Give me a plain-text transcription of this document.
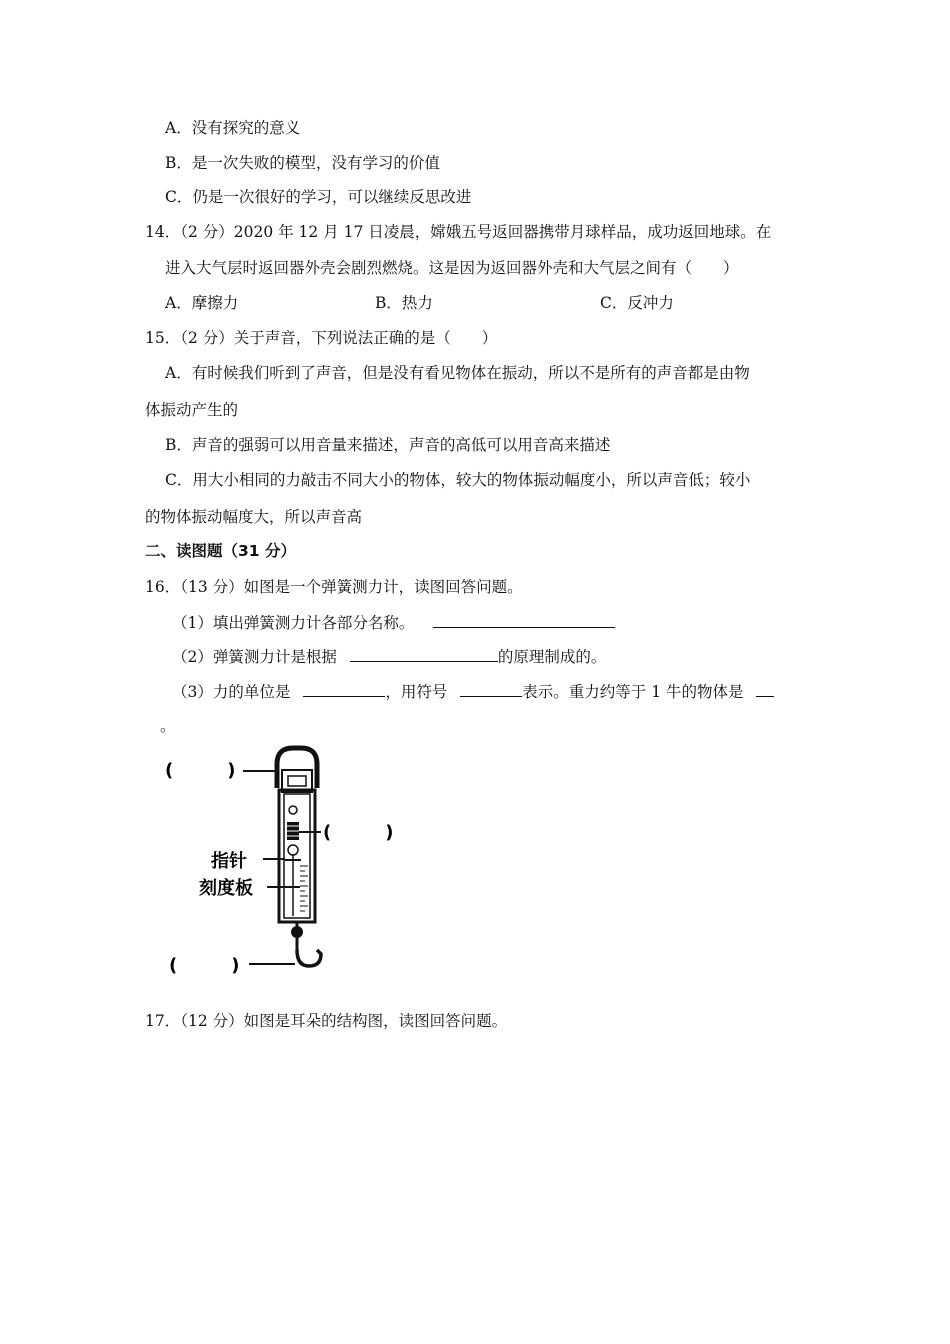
A．没有探究的意义
B．是一次失败的模型，没有学习的价值
C．仍是一次很好的学习，可以继续反思改进
14．（2 分）2020 年 12 月 17 日凌晨，嫦娥五号返回器携带月球样品，成功返回地球。在
进入大气层时返回器外壳会剧烈燃烧。这是因为返回器外壳和大气层之间有（　　）
A．摩擦力	B．热力	C．反冲力
15．（2 分）关于声音，下列说法正确的是（　　）
A．有时候我们听到了声音，但是没有看见物体在振动，所以不是所有的声音都是由物
体振动产生的
B．声音的强弱可以用音量来描述，声音的高低可以用音高来描述
C．用大小相同的力敲击不同大小的物体，较大的物体振动幅度小，所以声音低；较小
的物体振动幅度大，所以声音高
二、读图题（31 分）
16．（13 分）如图是一个弹簧测力计，读图回答问题。
（1）填出弹簧测力计各部分名称。
（2）弹簧测力计是根据	的原理制成的。
（3）力的单位是	，用符号	表示。重力约等于 1 牛的物体是
。
(　　　)
(　　　)
指针
刻度板
(　　　)
17．（12 分）如图是耳朵的结构图，读图回答问题。
